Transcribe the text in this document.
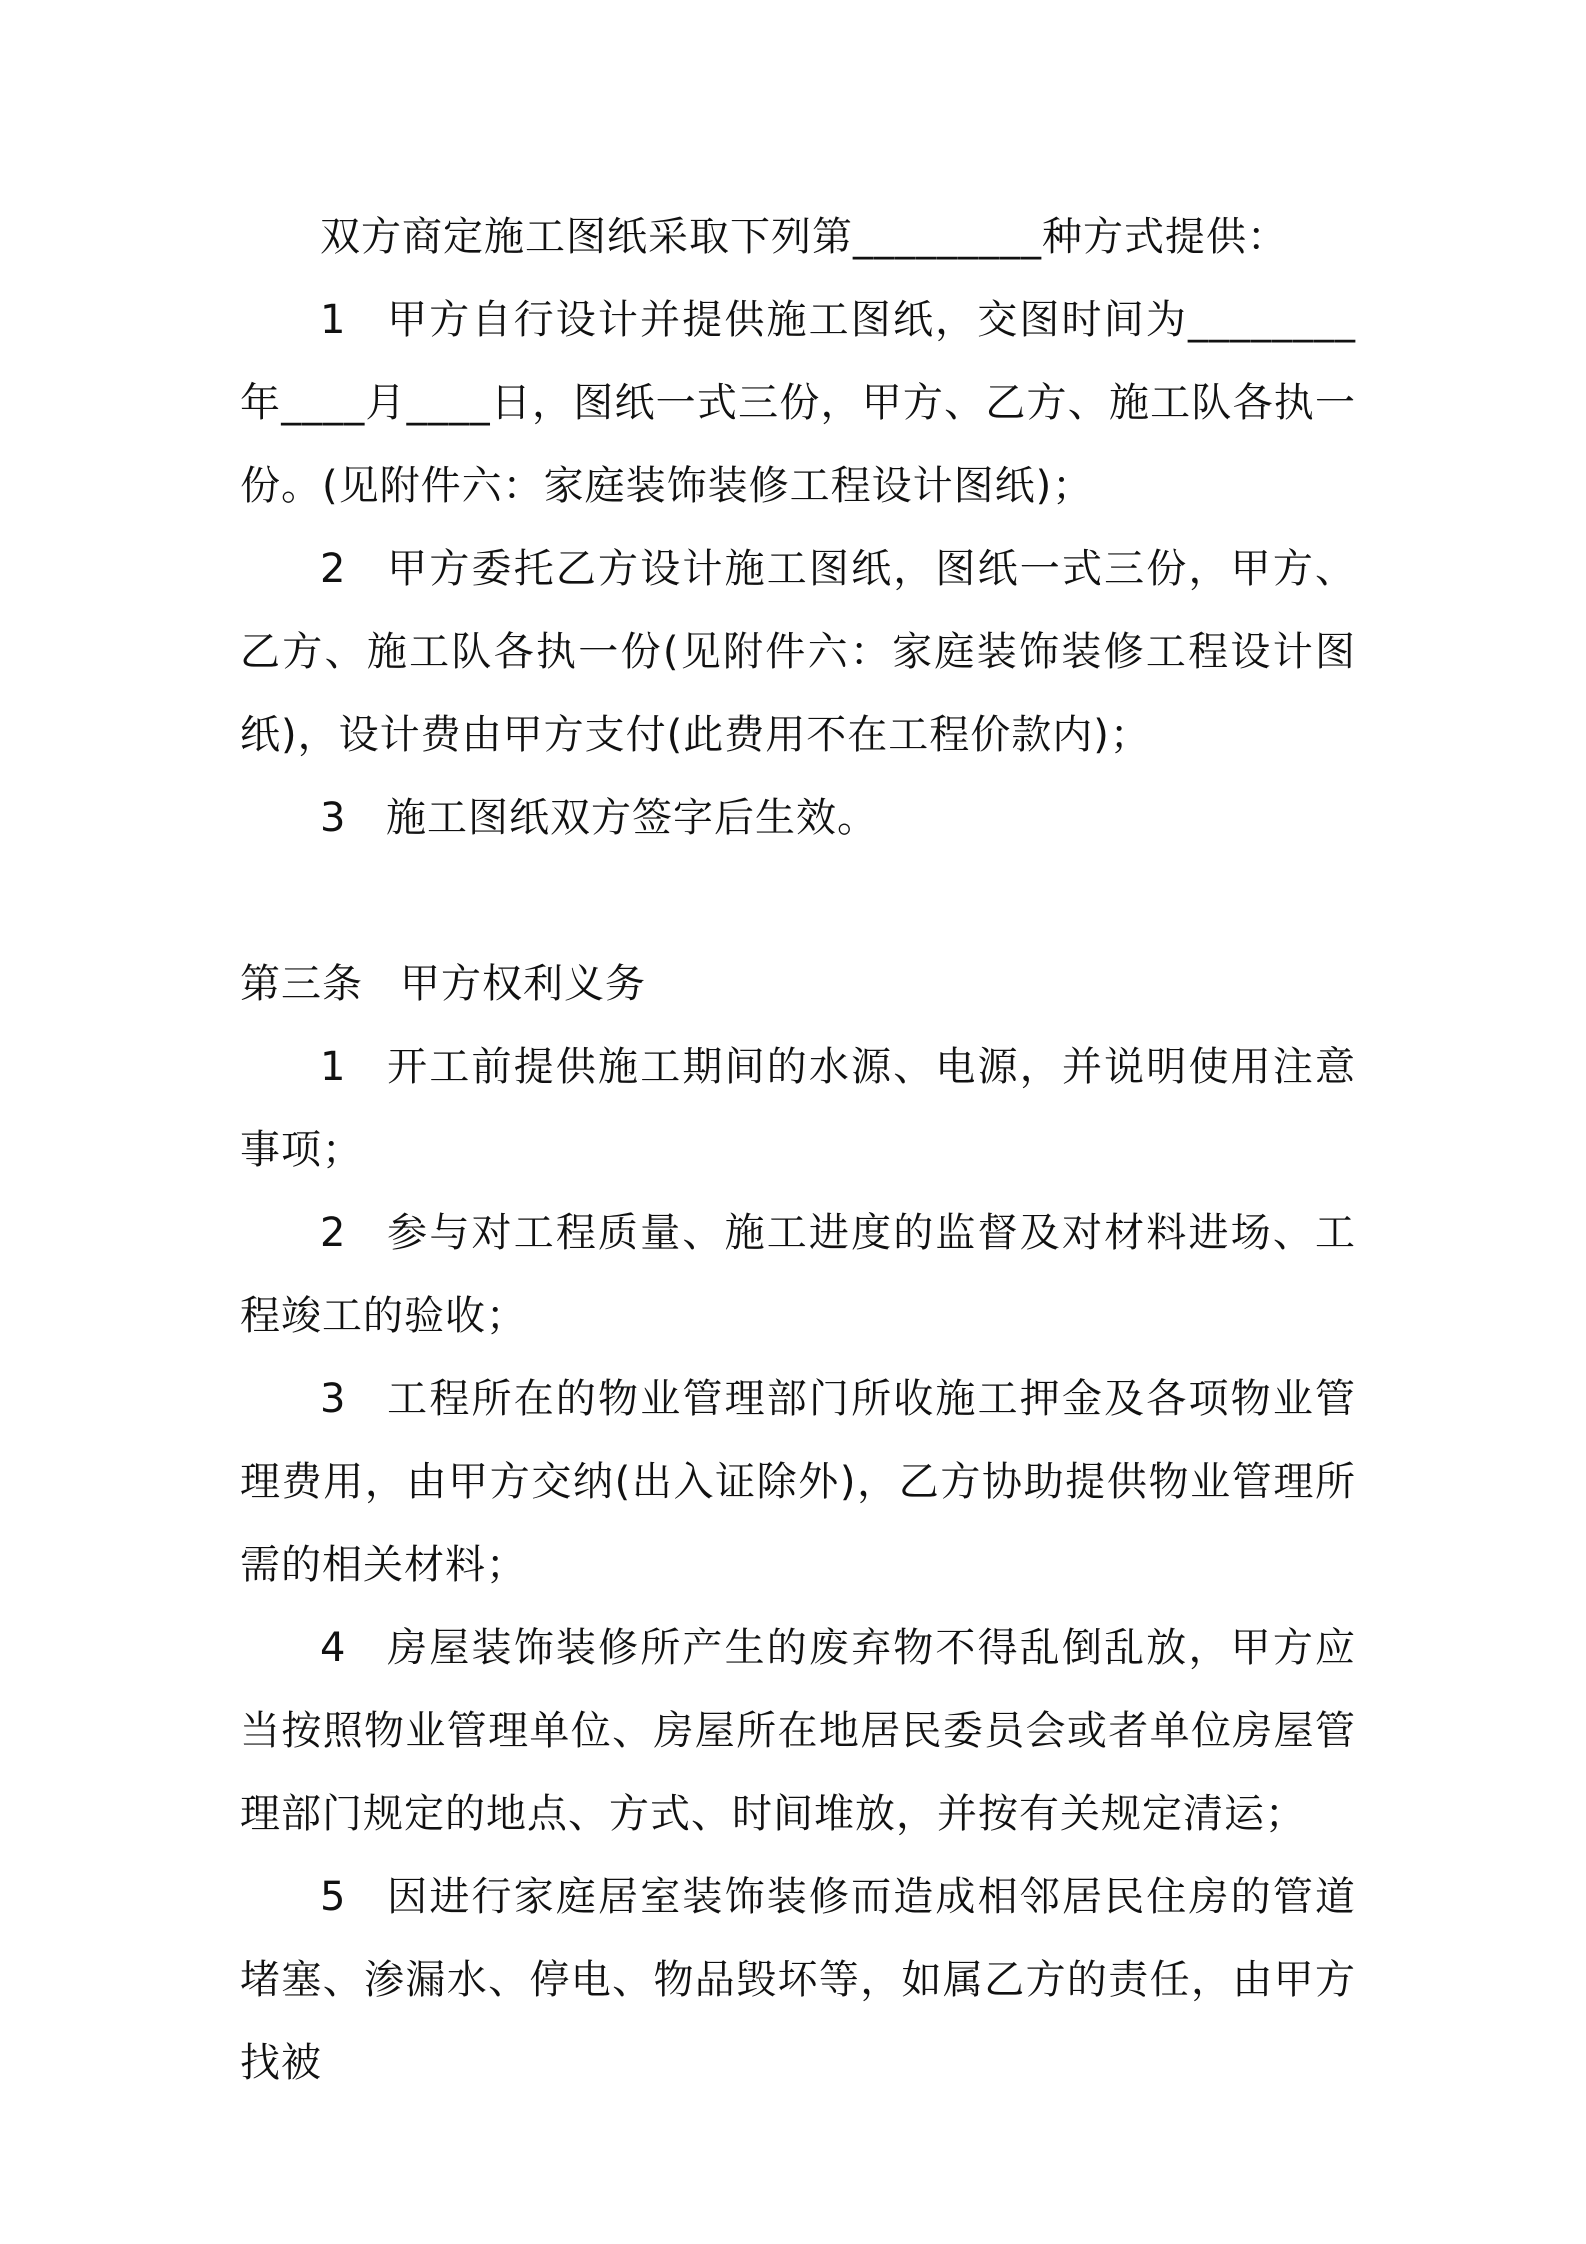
双方商定施工图纸采取下列第_________种方式提供：

1 甲方自行设计并提供施工图纸，交图时间为________年____月____日，图纸一式三份，甲方、乙方、施工队各执一份。(见附件六：家庭装饰装修工程设计图纸)；

2 甲方委托乙方设计施工图纸，图纸一式三份，甲方、乙方、施工队各执一份(见附件六：家庭装饰装修工程设计图纸)，设计费由甲方支付(此费用不在工程价款内)；

3 施工图纸双方签字后生效。

第三条 甲方权利义务

1 开工前提供施工期间的水源、电源，并说明使用注意事项；

2 参与对工程质量、施工进度的监督及对材料进场、工程竣工的验收；

3 工程所在的物业管理部门所收施工押金及各项物业管理费用，由甲方交纳(出入证除外)，乙方协助提供物业管理所需的相关材料；

4 房屋装饰装修所产生的废弃物不得乱倒乱放，甲方应当按照物业管理单位、房屋所在地居民委员会或者单位房屋管理部门规定的地点、方式、时间堆放，并按有关规定清运；

5 因进行家庭居室装饰装修而造成相邻居民住房的管道堵塞、渗漏水、停电、物品毁坏等，如属乙方的责任，由甲方找被
